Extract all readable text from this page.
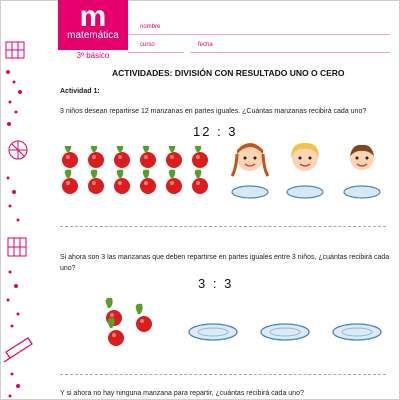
m
matemática
3º básico
nombre
curso	fecha
ACTIVIDADES: DIVISIÓN CON RESULTADO UNO O CERO
Actividad 1:
3 niños desean repartirse 12 manzanas en partes iguales. ¿Cuántas manzanas recibirá cada uno?
12 : 3
Si ahora son 3 las manzanas que deben repartirse en partes iguales entre 3 niños, ¿cuántas recibirá cada uno?
3 : 3
Y si ahora no hay ninguna manzana para repartir, ¿cuántas recibirá cada uno?
